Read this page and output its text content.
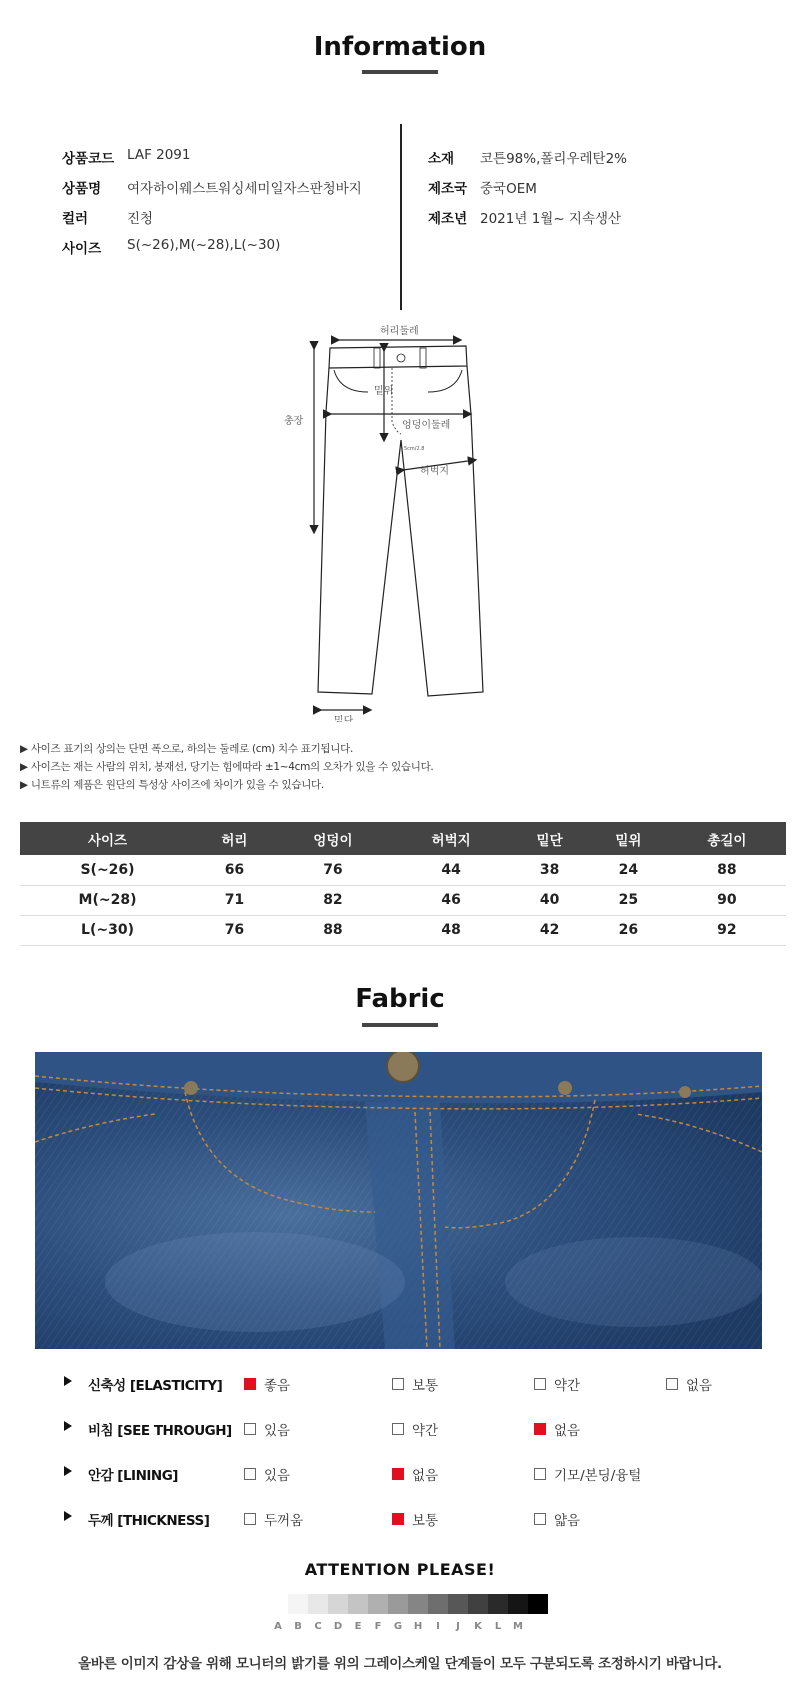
Information
상품코드 LAF 2091
상품명	여자하이웨스트워싱세미일자스판청바지
컬러	진청
사이즈	S(~26),M(~28),L(~30)
소재	코튼98%,폴리우레탄2%
제조국 중국OEM
제조년 2021년 1월~ 지속생산
허리둘레
밑위
총장	엉덩이둘레
허벅지
밑단
5cm/2.8
▶ 사이즈 표기의 상의는 단면 폭으로, 하의는 둘레로 (cm) 치수 표기됩니다.
▶ 사이즈는 재는 사람의 위치, 봉재선, 당기는 힘에따라 ±1~4cm의 오차가 있을 수 있습니다.
▶ 니트류의 제품은 원단의 특성상 사이즈에 차이가 있을 수 있습니다.
사이즈	허리	엉덩이	허벅지	밑단	밑위	총길이
S(~26)	66	76	44	38	24	88
M(~28)	71	82	46	40	25	90
L(~30)	76	88	48	42	26	92
Fabric
신축성 [ELASTICITY]	좋음	보통	약간	없음
비침 [SEE THROUGH] 있음	약간	없음
안감 [LINING]	있음	없음	기모/본딩/융털
두께 [THICKNESS]	두꺼움	보통	얇음
ATTENTION PLEASE!
A	B	C	D	E	F	G	H	I	J	K	L	M
올바른 이미지 감상을 위해 모니터의 밝기를 위의 그레이스케일 단계들이 모두 구분되도록 조정하시기 바랍니다.
